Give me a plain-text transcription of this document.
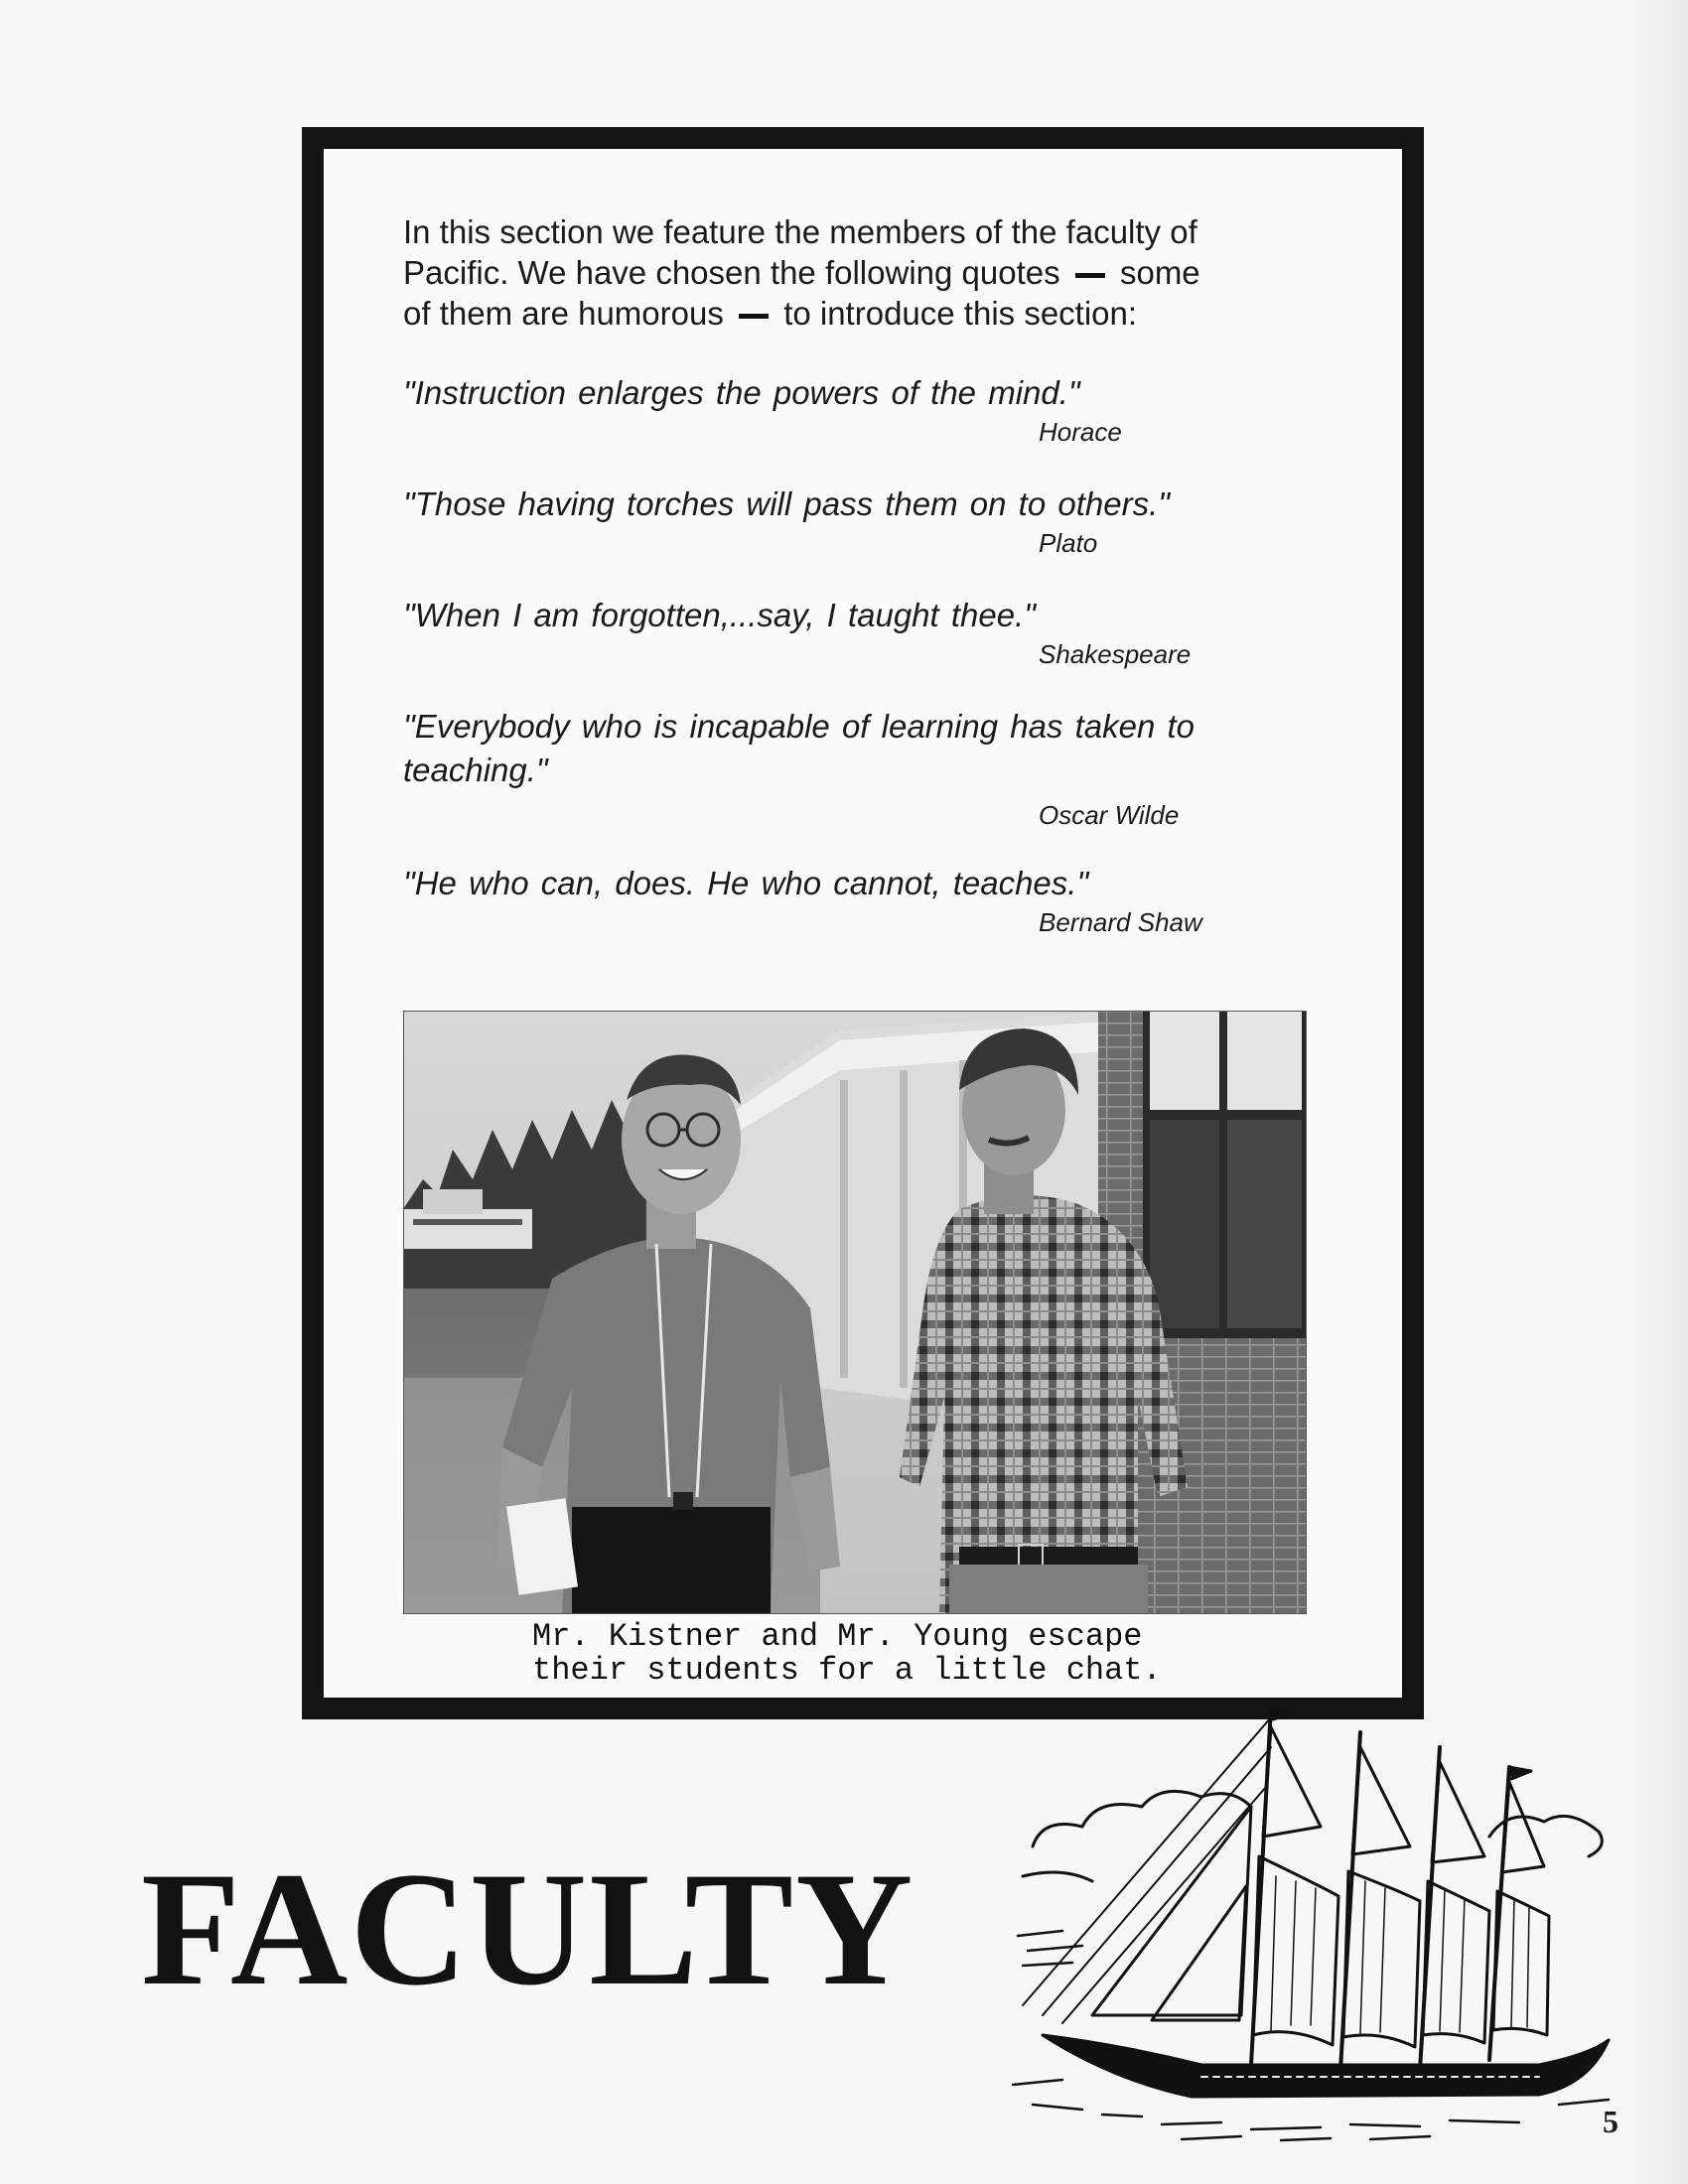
In this section we feature the members of the faculty of
Pacific. We have chosen the following quotes some
of them are humorous to introduce this section:

"Instruction enlarges the powers of the mind."

Horace

"Those having torches will pass them on to others."

Plato

"When I am forgotten,...say, I taught thee."

Shakespeare

"Everybody who is incapable of learning has taken to teaching."

Oscar Wilde

"He who can, does. He who cannot, teaches."

Bernard Shaw

Mr. Kistner and Mr. Young escape
their students for a little chat.

FACULTY

5
